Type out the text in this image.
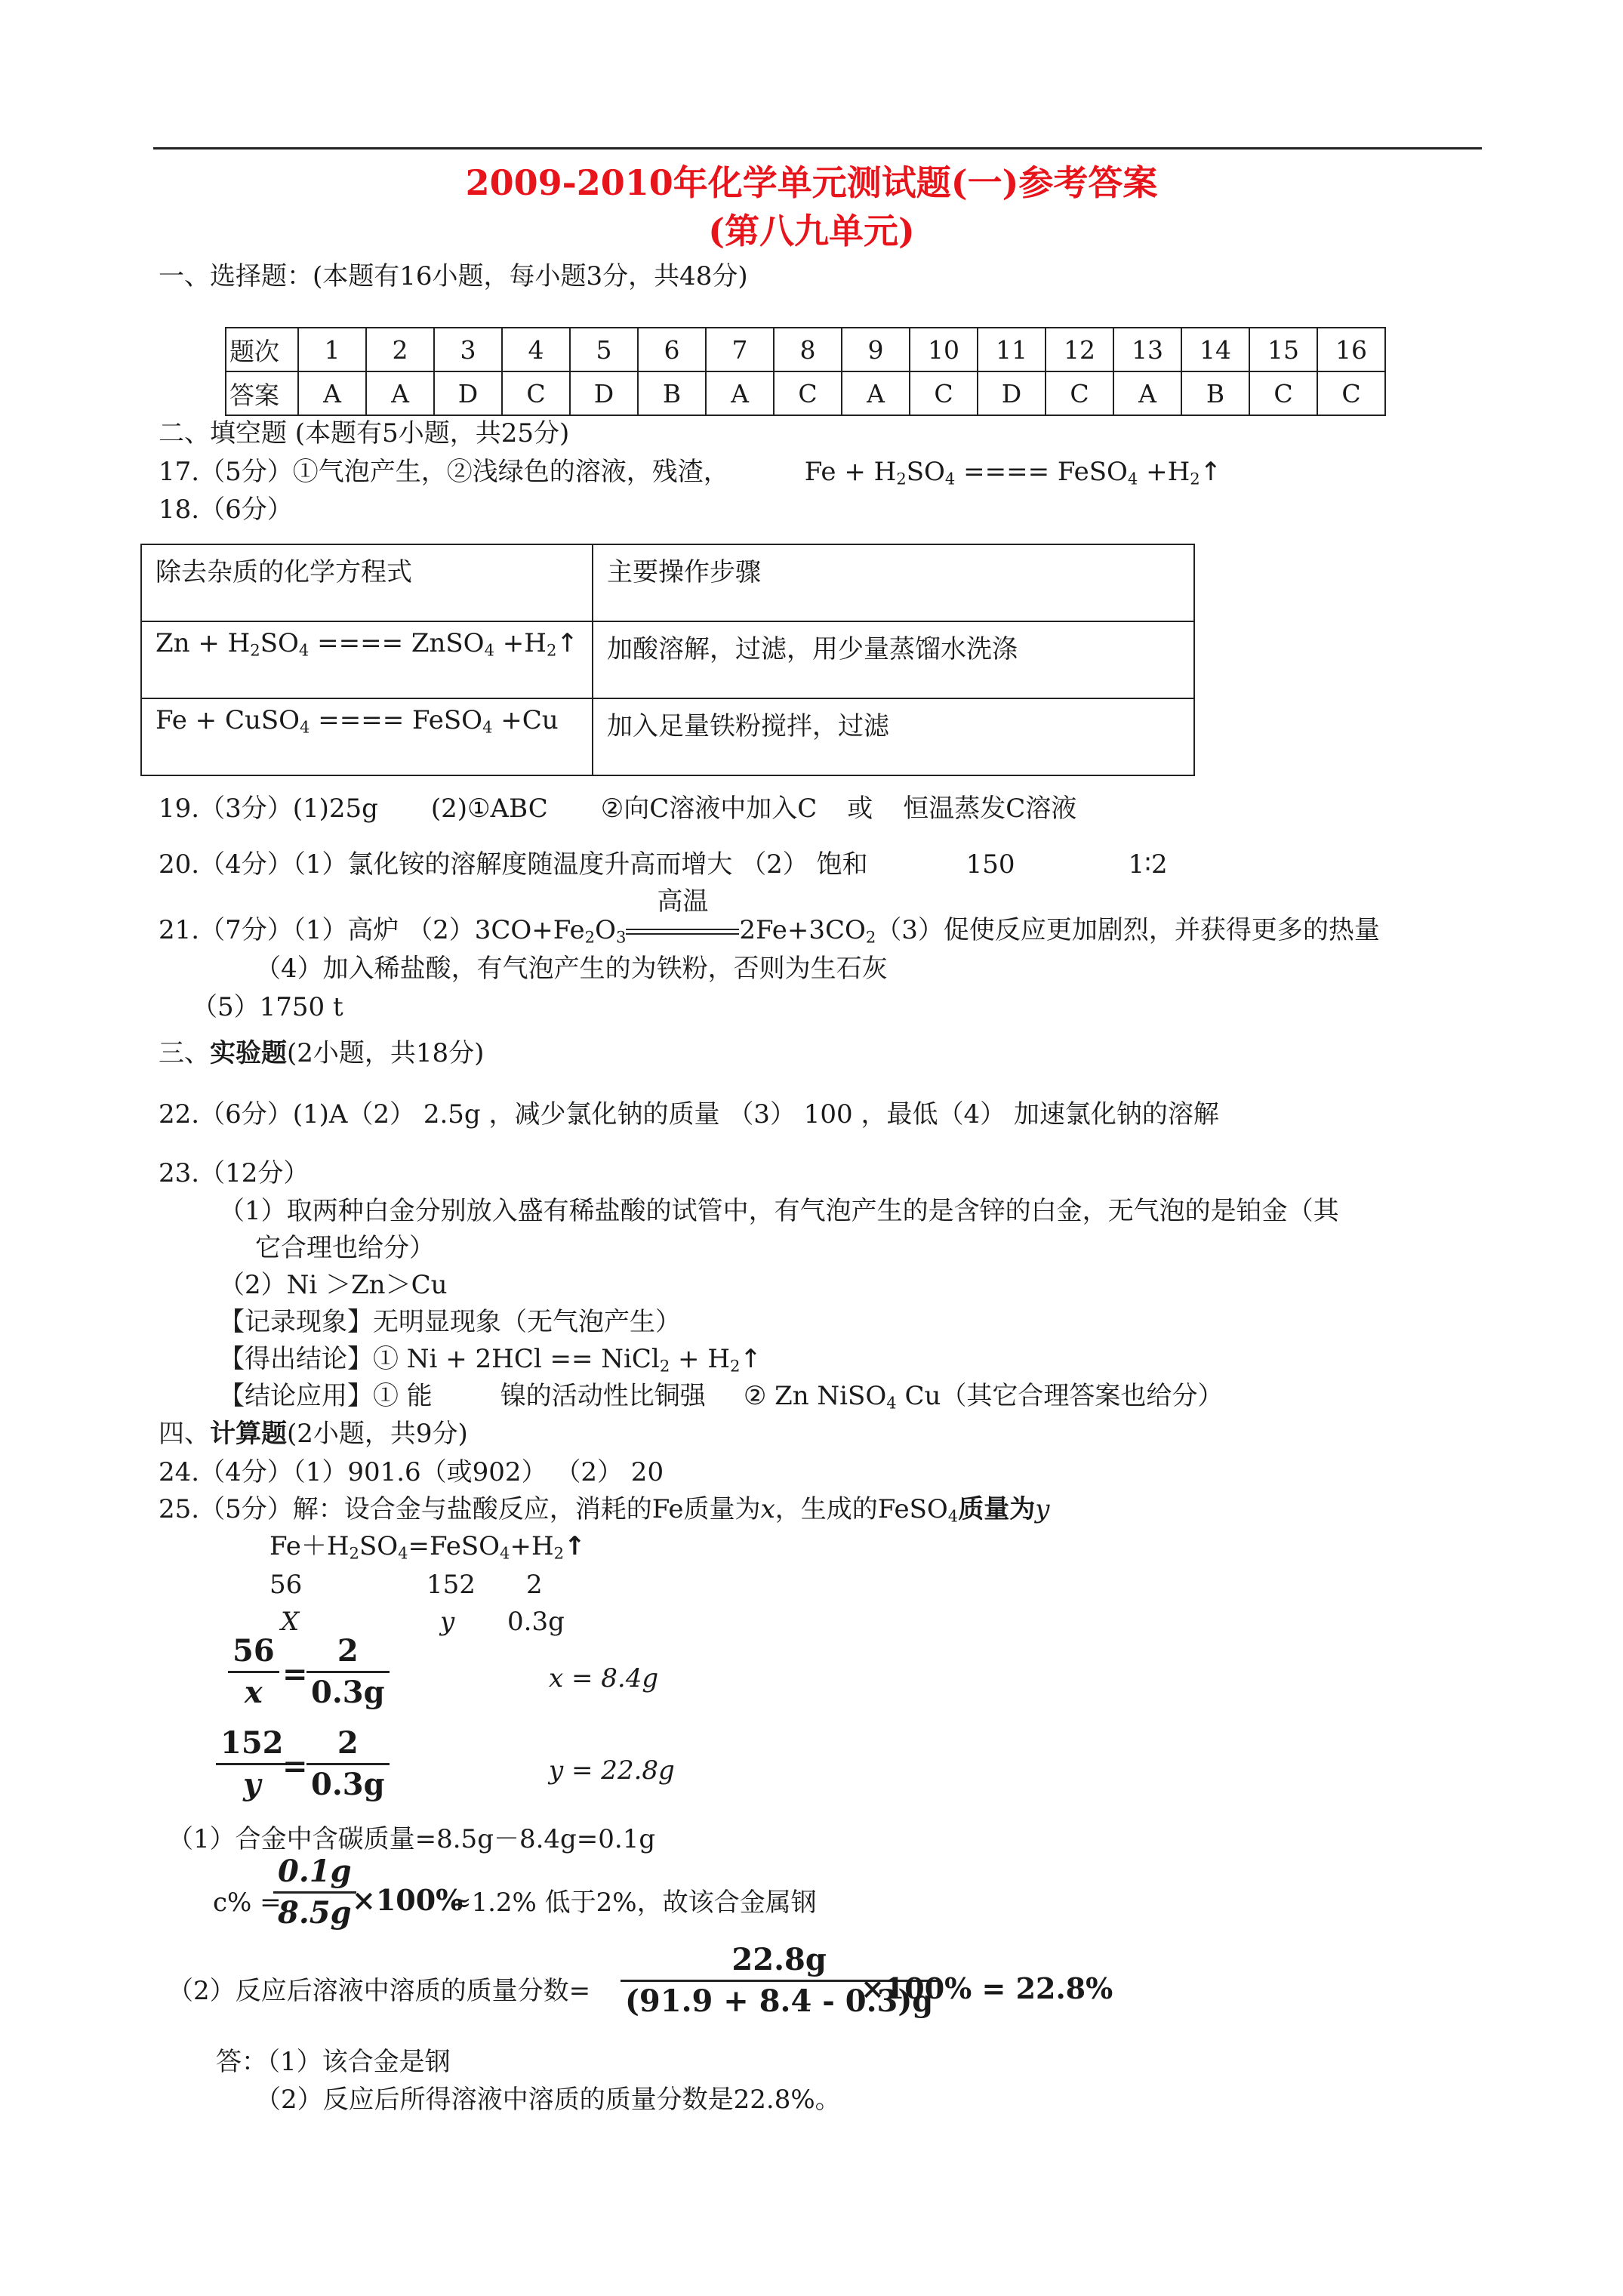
2009-2010年化学单元测试题(一)参考答案
(第八九单元)
一、选择题：(本题有16小题，每小题3分，共48分)
题次	1	2	3	4	5	6	7	8	9	10	11	12	13	14	15	16
答案	A	A	D	C	D	B	A	C	A	C	D	C	A	B	C	C
二、填空题 (本题有5小题，共25分)
17.（5分）①气泡产生，②浅绿色的溶液，残渣，	$Fe + H_2SO_4$ ==== FeSO$_4$ $+H_2↑$
18.（6分）
除去杂质的化学方程式	主要操作步骤
$Zn + H_2SO_4$ ==== ZnSO$_4$ $+H_2↑$	加酸溶解，过滤，用少量蒸馏水洗涤
Fe + CuSO$_4$ ==== FeSO$_4$ +Cu	加入足量铁粉搅拌，过滤
19.（3分）(1)25g (2)①ABC ②向C溶液中加入C 或 恒温蒸发C溶液
20.（4分）（1）氯化铵的溶解度随温度升高而增大 （2） 饱和	150	1∶2
21.（7分）（1）高炉 $(2)3CO+Fe_2O_3$
高温
$2Fe+3CO_2(3)$促使反应更加剧烈，并获得更多的热量
（4）加入稀盐酸，有气泡产生的为铁粉，否则为生石灰
（5）1750 t
三、实验题(2小题，共18分)
22.（6分）(1)A（2） 2.5g ，减少氯化钠的质量 （3） 100 ，最低（4） 加速氯化钠的溶解
23.（12分）
（1）取两种白金分别放入盛有稀盐酸的试管中，有气泡产生的是含锌的白金，无气泡的是铂金（其
它合理也给分）
（2）Ni ＞Zn＞Cu
【记录现象】无明显现象（无气泡产生）
【得出结论】① Ni + 2HCl == NiCl$_2$ + $H_2↑$
【结论应用】① 能	镍的活动性比铜强 ② Zn NiSO$_4$ Cu（其它合理答案也给分）
四、计算题(2小题，共9分)
24.（4分）（1）901.6（或902） （2） 20
25.（5分）解：设合金与盐酸反应，消耗的Fe质量为x，生成的FeSO$_4$质量为y
$Fe+H_2SO_4=FeSO_4+H_2↑$
56	152 2
X	y 0.3g
56
x
=
2
0.3g	x = 8.4g
152
y
=
2
0.3g	y = 22.8g
（1）合金中含碳质量=8.5g－8.4g=0.1g
c% =
0.1g
8.5g ×100%
≈1.2% 低于2%，故该合金属钢
（2）反应后溶液中溶质的质量分数=
22.8g
(91.9 + 8.4 - 0.3)g
×100% = 22.8%
答：（1）该合金是钢
（2）反应后所得溶液中溶质的质量分数是22.8%。
